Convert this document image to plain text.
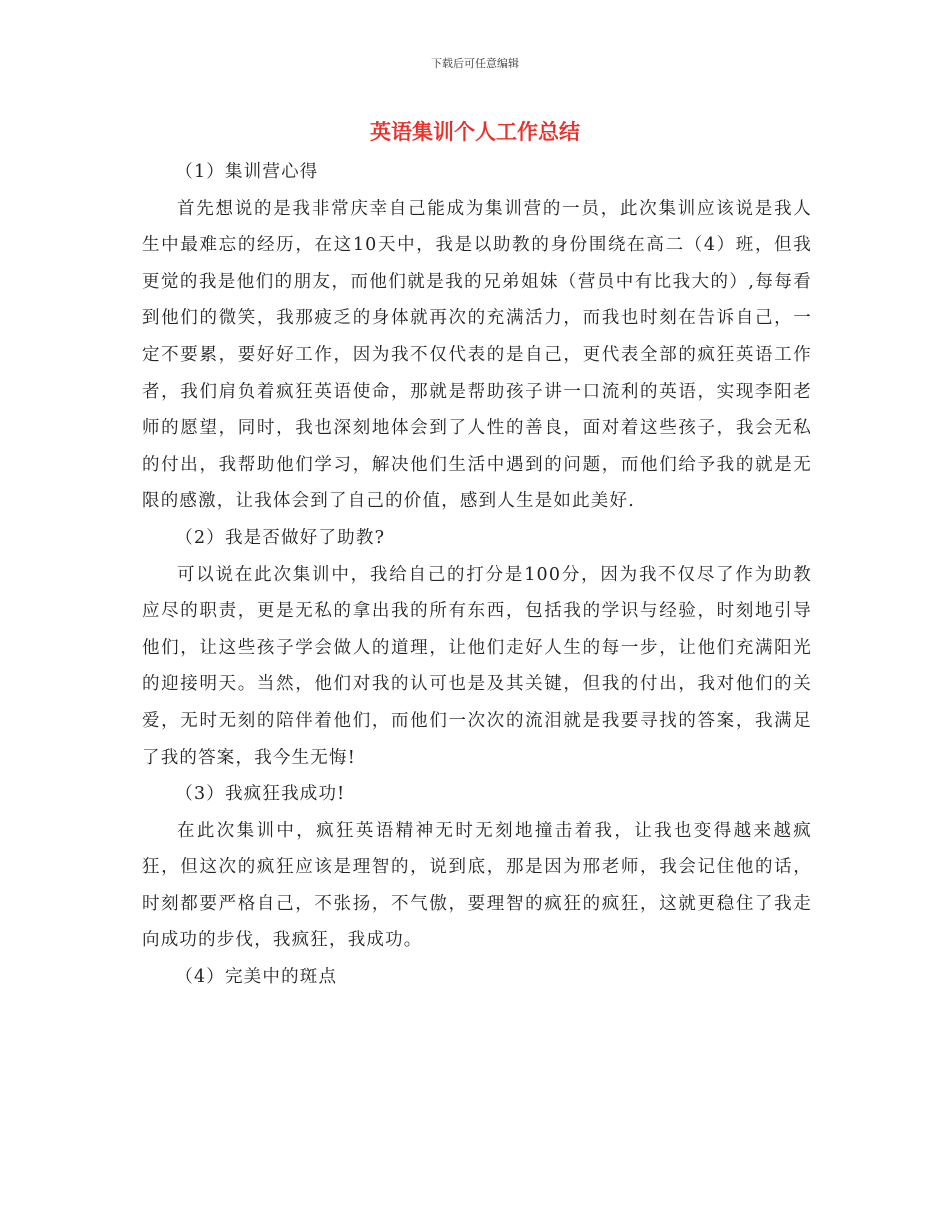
下载后可任意编辑
英语集训个人工作总结

（1）集训营心得

首先想说的是我非常庆幸自己能成为集训营的一员，此次集训应该说是我人生中最难忘的经历，在这10天中，我是以助教的身份围绕在高二（4）班，但我更觉的我是他们的朋友，而他们就是我的兄弟姐妹（营员中有比我大的）,每每看到他们的微笑，我那疲乏的身体就再次的充满活力，而我也时刻在告诉自己，一定不要累，要好好工作，因为我不仅代表的是自己，更代表全部的疯狂英语工作者，我们肩负着疯狂英语使命，那就是帮助孩子讲一口流利的英语，实现李阳老师的愿望，同时，我也深刻地体会到了人性的善良，面对着这些孩子，我会无私的付出，我帮助他们学习，解决他们生活中遇到的问题，而他们给予我的就是无限的感激，让我体会到了自己的价值，感到人生是如此美好.

（2）我是否做好了助教?

可以说在此次集训中，我给自己的打分是100分，因为我不仅尽了作为助教应尽的职责，更是无私的拿出我的所有东西，包括我的学识与经验，时刻地引导他们，让这些孩子学会做人的道理，让他们走好人生的每一步，让他们充满阳光的迎接明天。当然，他们对我的认可也是及其关键，但我的付出，我对他们的关爱，无时无刻的陪伴着他们，而他们一次次的流泪就是我要寻找的答案，我满足了我的答案，我今生无悔!

（3）我疯狂我成功!

在此次集训中，疯狂英语精神无时无刻地撞击着我，让我也变得越来越疯狂，但这次的疯狂应该是理智的，说到底，那是因为邢老师，我会记住他的话，时刻都要严格自己，不张扬，不气傲，要理智的疯狂的疯狂，这就更稳住了我走向成功的步伐，我疯狂，我成功。

（4）完美中的斑点
